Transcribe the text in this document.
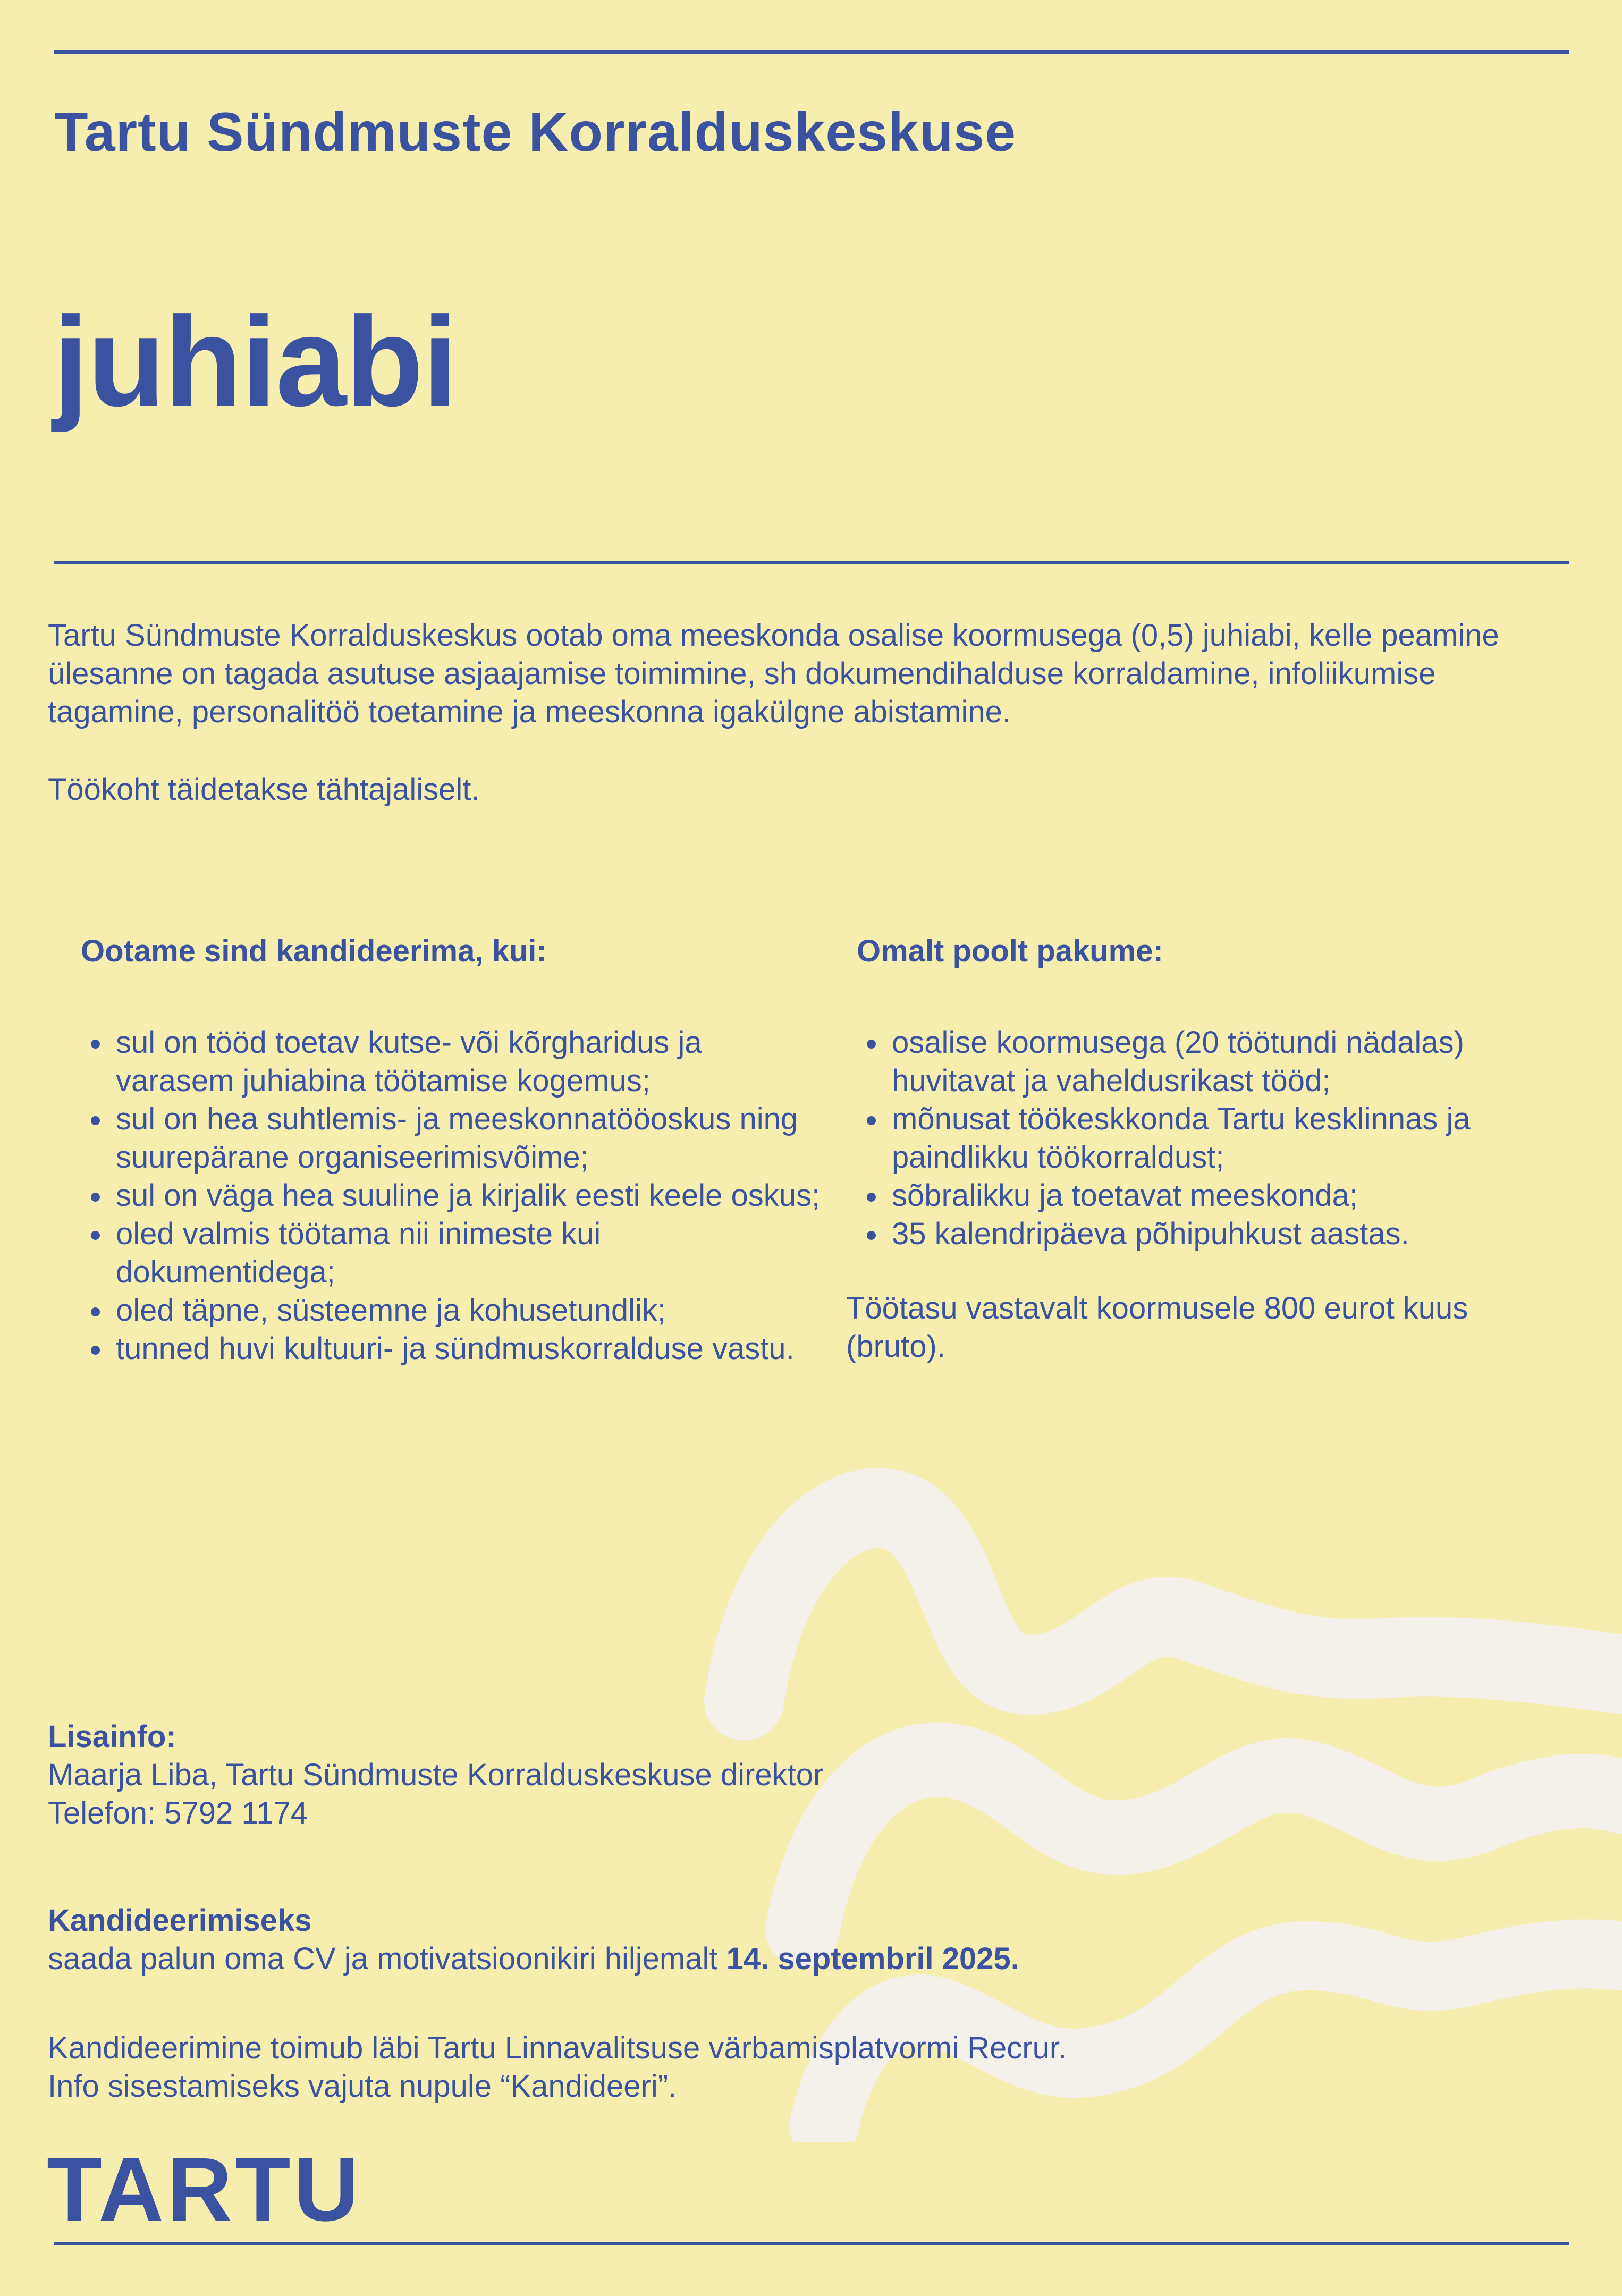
Tartu Sündmuste Korralduskeskuse
juhiabi

Tartu Sündmuste Korralduskeskus ootab oma meeskonda osalise koormusega (0,5) juhiabi, kelle peamine ülesanne on tagada asutuse asjaajamise toimimine, sh dokumendihalduse korraldamine, infoliikumise tagamine, personalitöö toetamine ja meeskonna igakülgne abistamine.

Töökoht täidetakse tähtajaliselt.

Ootame sind kandideerima, kui:

• sul on tööd toetav kutse- või kõrgharidus ja varasem juhiabina töötamise kogemus;
• sul on hea suhtlemis- ja meeskonnatööoskus ning suurepärane organiseerimisvõime;
• sul on väga hea suuline ja kirjalik eesti keele oskus;
• oled valmis töötama nii inimeste kui dokumentidega;
• oled täpne, süsteemne ja kohusetundlik;
• tunned huvi kultuuri- ja sündmuskorralduse vastu.

Omalt poolt pakume:

• osalise koormusega (20 töötundi nädalas) huvitavat ja vaheldusrikast tööd;
• mõnusat töökeskkonda Tartu kesklinnas ja paindlikku töökorraldust;
• sõbralikku ja toetavat meeskonda;
• 35 kalendripäeva põhipuhkust aastas.

Töötasu vastavalt koormusele 800 eurot kuus (bruto).

Lisainfo:
Maarja Liba, Tartu Sündmuste Korralduskeskuse direktor
Telefon: 5792 1174
Kandideerimiseks
saada palun oma CV ja motivatsioonikiri hiljemalt 14. septembril 2025.
Kandideerimine toimub läbi Tartu Linnavalitsuse värbamisplatvormi Recrur.
Info sisestamiseks vajuta nupule “Kandideeri”.
TARTU
